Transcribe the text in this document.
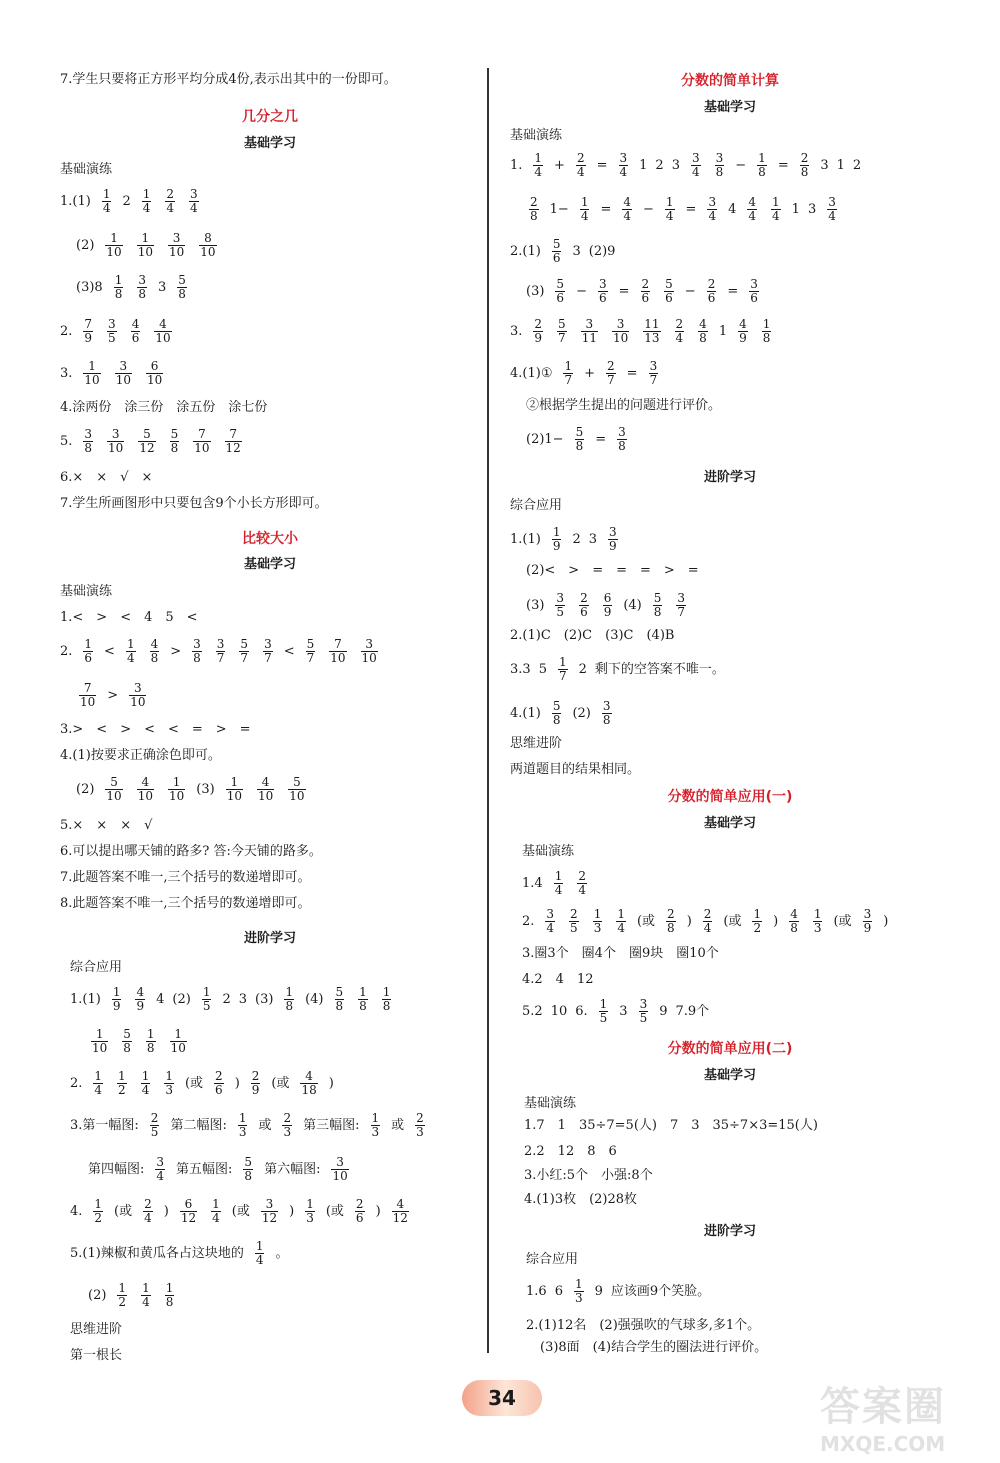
7.学生只要将正方形平均分成4份,表示出其中的一份即可。
几分之几
基础学习
基础演练
$1.(1) \frac{1}{4} 2 \frac{1}{4} \frac{2}{4} \frac{3}{4}$
$(2) \frac{1}{10} \frac{1}{10} \frac{3}{10} \frac{8}{10}$
$(3)8 \frac{1}{8} \frac{3}{8} 3 \frac{5}{8}$
2. $\frac{7}{9} \frac{3}{5} \frac{4}{6} \frac{4}{10}$
3. $\frac{1}{10} \frac{3}{10} \frac{6}{10}$
4.涂两份　涂三份　涂五份　涂七份
5. $\frac{3}{8} \frac{3}{10} \frac{5}{12} \frac{5}{8} \frac{7}{10} \frac{7}{12}$
6.×　×　√　×
7.学生所画图形中只要包含9个小长方形即可。
比较大小
基础学习
基础演练
1.<　>　<　4　5　<
2. $\frac{1}{6} < \frac{1}{4} \frac{4}{8} > \frac{3}{8} \frac{3}{7} \frac{5}{7} \frac{3}{7} < \frac{5}{7} \frac{7}{10} \frac{3}{10}$
$\frac{7}{10} > \frac{3}{10}$
3.>　<　>　<　<　=　>　=
4.(1)按要求正确涂色即可。
$(2) \frac{5}{10} \frac{4}{10} \frac{1}{10} (3) \frac{1}{10} \frac{4}{10} \frac{5}{10}$
5.×　×　×　√
6.可以提出哪天铺的路多? 答:今天铺的路多。
7.此题答案不唯一,三个括号的数递增即可。
8.此题答案不唯一,三个括号的数递增即可。
进阶学习
综合应用
$1.(1) \frac{1}{9} \frac{4}{9} 4$ $(2) \frac{1}{5} 2$ 3 $(3) \frac{1}{8} (4) \frac{5}{8} \frac{1}{8} \frac{1}{8}$
$\frac{1}{10} \frac{5}{8} \frac{1}{8} \frac{1}{10}$
2. $\frac{1}{4} \frac{1}{2} \frac{1}{4} \frac{1}{3}$ (或 $\frac{2}{6}$ ) $\frac{2}{9}$ (或 $\frac{4}{18}$ )
3.第一幅图: $\frac{2}{5}$ 第二幅图: $\frac{1}{3}$ 或 $\frac{2}{3}$ 第三幅图: $\frac{1}{3}$ 或 $\frac{2}{3}$
第四幅图: $\frac{3}{4}$ 第五幅图: $\frac{5}{8}$ 第六幅图: $\frac{3}{10}$
4. $\frac{1}{2}$ (或 $\frac{2}{4}$ ) $\frac{6}{12} \frac{1}{4}$ (或 $\frac{3}{12}$ ) $\frac{1}{3}$ (或 $\frac{2}{6}$ ) $\frac{4}{12}$
5.(1)辣椒和黄瓜各占这块地的 $\frac{1}{4}$ 。
$(2) \frac{1}{2} \frac{1}{4} \frac{1}{8}$
思维进阶
第一根长
分数的简单计算
基础学习
基础演练
1. $\frac{1}{4} + \frac{2}{4} = \frac{3}{4} 1$ 2 $3 \frac{3}{4} \frac{3}{8} - \frac{1}{8} = \frac{2}{8} 3$ 1 2
$\frac{2}{8} 1- \frac{1}{4} = \frac{4}{4} - \frac{1}{4} = \frac{3}{4} 4 \frac{4}{4} \frac{1}{4} 1$ $3 \frac{3}{4}$
$2.(1) \frac{5}{6} 3$ (2)9
$(3) \frac{5}{6} - \frac{3}{6} = \frac{2}{6} \frac{5}{6} - \frac{2}{6} = \frac{3}{6}$
3. $\frac{2}{9} \frac{5}{7} \frac{3}{11} \frac{3}{10} \frac{11}{13} \frac{2}{4} \frac{4}{8} 1 \frac{4}{9} \frac{1}{8}$
4.(1)① $\frac{1}{7} + \frac{2}{7} = \frac{3}{7}$
②根据学生提出的问题进行评价。
$(2)1- \frac{5}{8} = \frac{3}{8}$
进阶学习
综合应用
$1.(1) \frac{1}{9} 2$ $3 \frac{3}{9}$
(2)<　>　=　=　=　>　=
$(3) \frac{3}{5} \frac{2}{6} \frac{6}{9} (4) \frac{5}{8} \frac{3}{7}$
2.(1)C　(2)C　(3)C　(4)B
3.3 $5 \frac{1}{7} 2$ 剩下的空答案不唯一。
$4.(1) \frac{5}{8} (2) \frac{3}{8}$
思维进阶
两道题目的结果相同。
分数的简单应用(一)
基础学习
基础演练
$1.4 \frac{1}{4} \frac{2}{4}$
2. $\frac{3}{4} \frac{2}{5} \frac{1}{3} \frac{1}{4}$ (或 $\frac{2}{8}$ ) $\frac{2}{4}$ (或 $\frac{1}{2}$ ) $\frac{4}{8} \frac{1}{3}$ (或 $\frac{3}{9}$ )
3.圈3个　圈4个　圈9块　圈10个
4.2　4　12
5.2 10 6. $\frac{1}{5} 3 \frac{3}{5} 9$ 7.9个
分数的简单应用(二)
基础学习
基础演练
1.7　1　35÷7=5(人)　7　3　35÷7×3=15(人)
2.2　12　8　6
3.小红:5个　小强:8个
4.(1)3枚　(2)28枚
进阶学习
综合应用
1.6 $6 \frac{1}{3} 9$ 应该画9个笑脸。
2.(1)12名　(2)强强吹的气球多,多1个。
(3)8面　(4)结合学生的圈法进行评价。
34	答案圈
MXQE.COM
